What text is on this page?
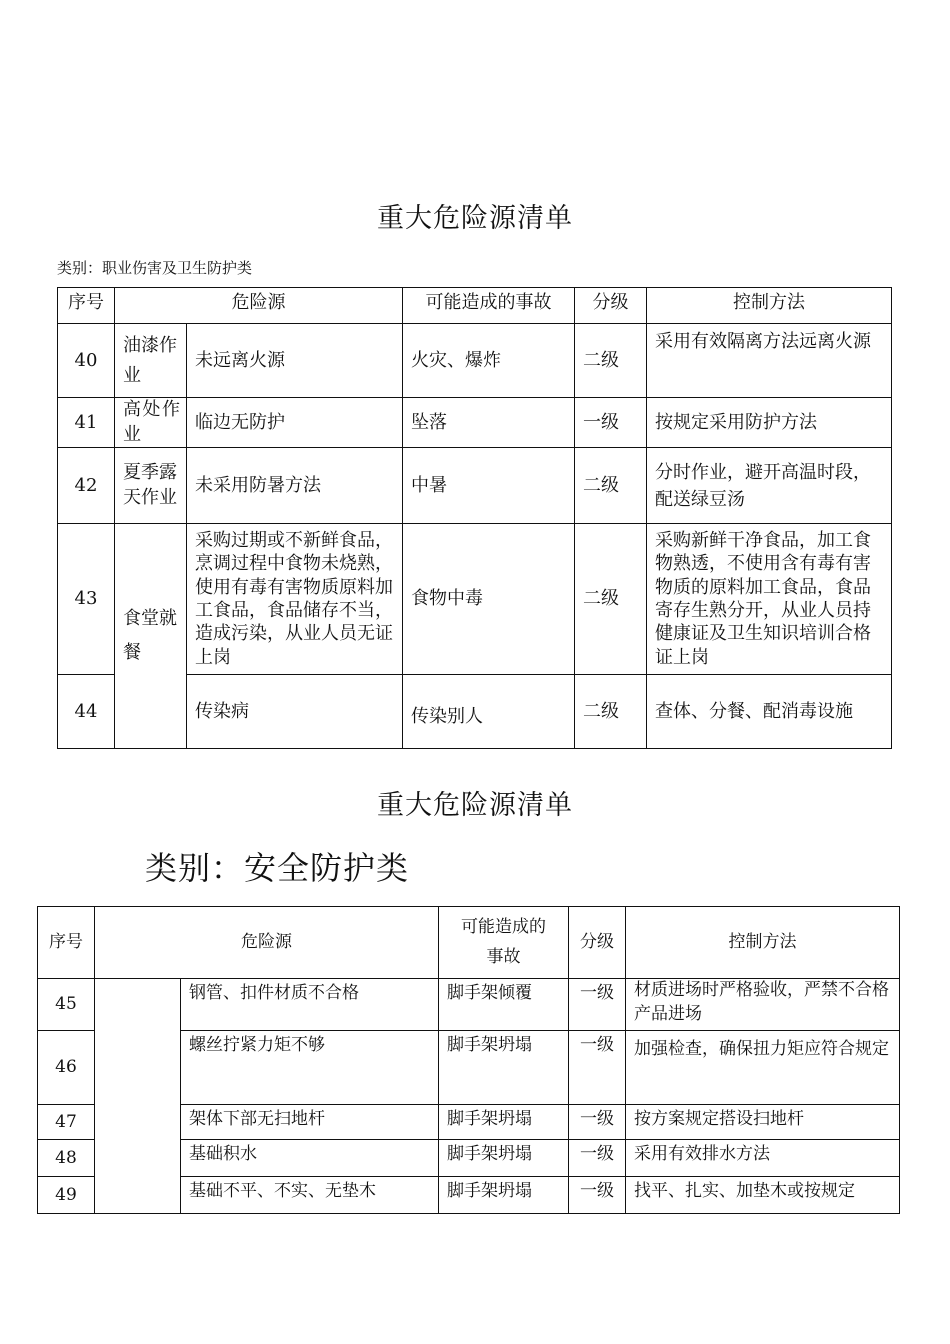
重大危险源清单
类别：职业伤害及卫生防护类
序号	危险源		可能造成的事故	分级	控制方法
40	油漆作业	未远离火源	火灾、爆炸	二级	采用有效隔离方法远离火源
41	高处作业	临边无防护	坠落	一级	按规定采用防护方法
42	夏季露天作业	未采用防暑方法	中暑	二级	分时作业，避开高温时段，配送绿豆汤
43	食堂就餐	采购过期或不新鲜食品，烹调过程中食物未烧熟，使用有毒有害物质原料加工食品，食品储存不当，造成污染，从业人员无证上岗	食物中毒	二级	采购新鲜干净食品，加工食物熟透，不使用含有毒有害物质的原料加工食品，食品寄存生熟分开，从业人员持健康证及卫生知识培训合格证上岗
44		传染病	传染别人	二级	查体、分餐、配消毒设施
重大危险源清单
类别：安全防护类
序号	危险源		可能造成的事故	分级	控制方法
45		钢管、扣件材质不合格	脚手架倾覆	一级	材质进场时严格验收，严禁不合格产品进场
46		螺丝拧紧力矩不够	脚手架坍塌	一级	加强检查，确保扭力矩应符合规定
47		架体下部无扫地杆	脚手架坍塌	一级	按方案规定搭设扫地杆
48		基础积水	脚手架坍塌	一级	采用有效排水方法
49		基础不平、不实、无垫木	脚手架坍塌	一级	找平、扎实、加垫木或按规定
